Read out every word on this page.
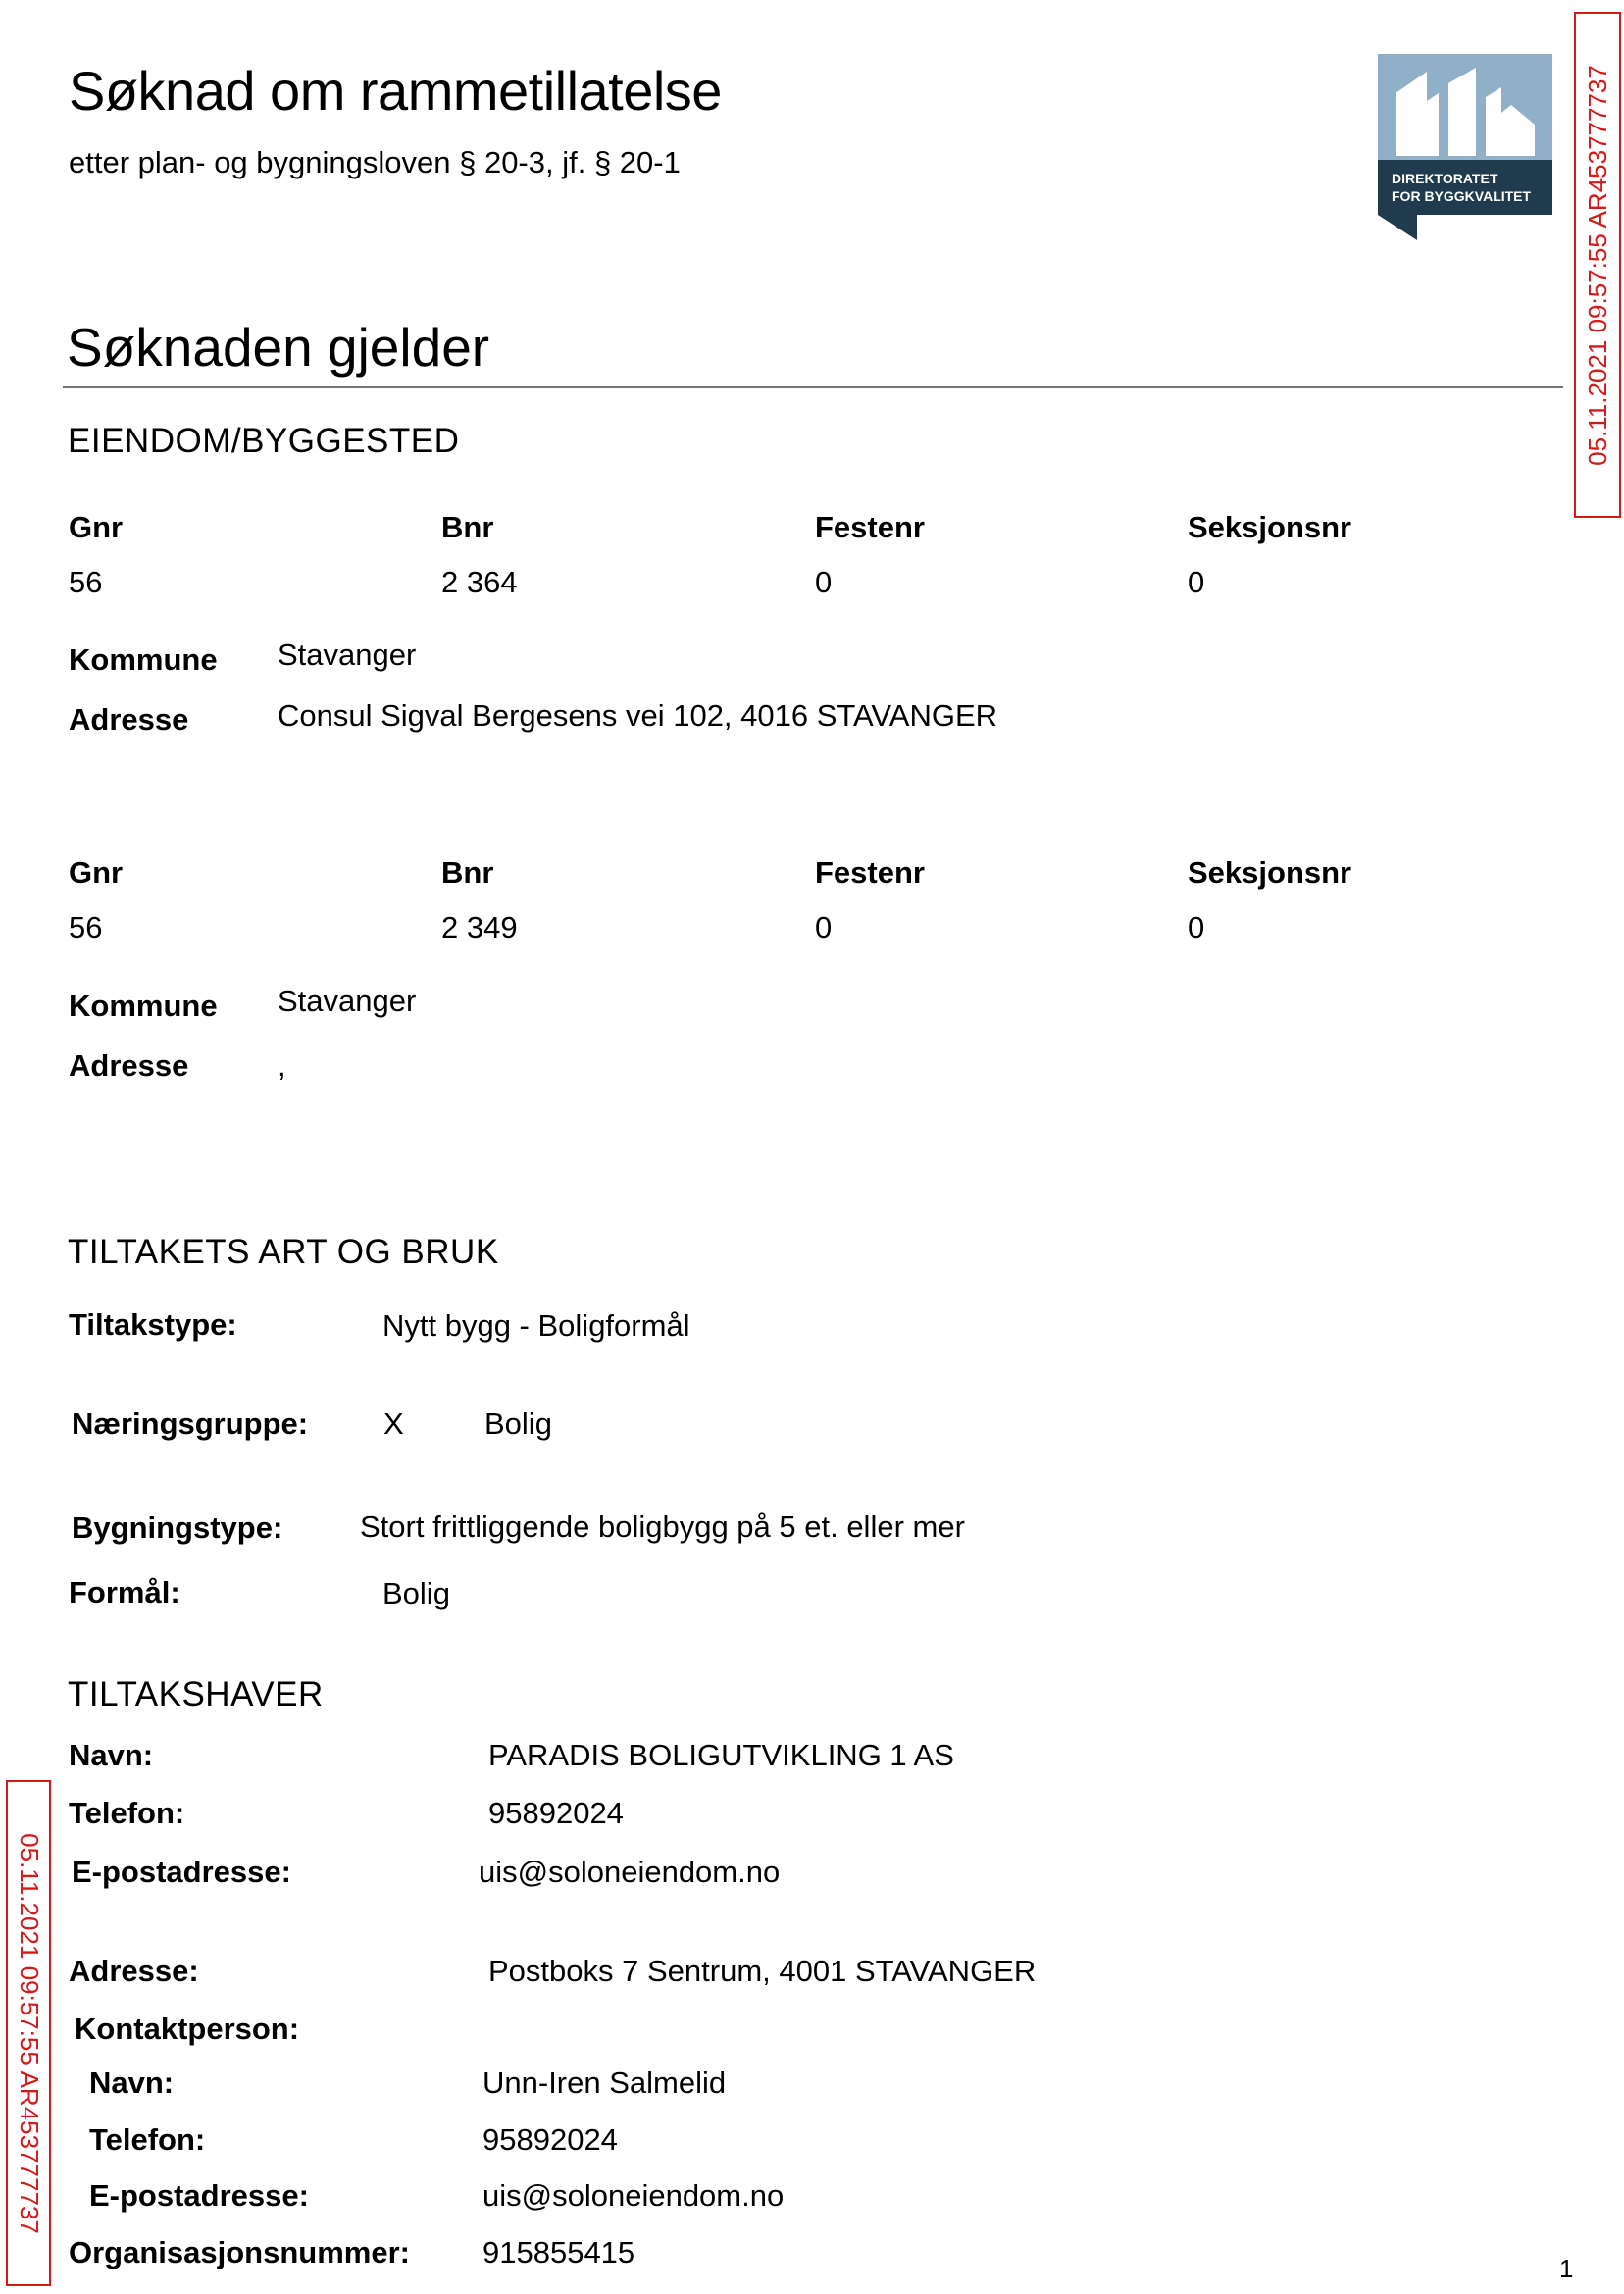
Søknad om rammetillatelse
etter plan- og bygningsloven § 20-3, jf. § 20-1	DIREKTORATET
FOR BYGGKVALITET 05.11.2021 09:57:55 AR453777737
05.11.2021 09:57:55 AR453777737
Søknaden gjelder
EIENDOM/BYGGESTED
Gnr	Bnr	Festenr	Seksjonsnr
56	2 364	0	0
Kommune Stavanger
Adresse	Consul Sigval Bergesens vei 102, 4016 STAVANGER
Gnr	Bnr	Festenr	Seksjonsnr
56	2 349	0	0
Kommune Stavanger
Adresse	,
TILTAKETS ART OG BRUK
Tiltakstype:	Nytt bygg - Boligformål
Næringsgruppe: X	Bolig
Bygningstype:	Stort frittliggende boligbygg på 5 et. eller mer
Formål:	Bolig
TILTAKSHAVER
Navn:	PARADIS BOLIGUTVIKLING 1 AS
Telefon:	95892024
E-postadresse:	uis@soloneiendom.no
Adresse:	Postboks 7 Sentrum, 4001 STAVANGER
Kontaktperson:
Navn:	Unn-Iren Salmelid
Telefon:	95892024
E-postadresse:	uis@soloneiendom.no
Organisasjonsnummer: 915855415	1
